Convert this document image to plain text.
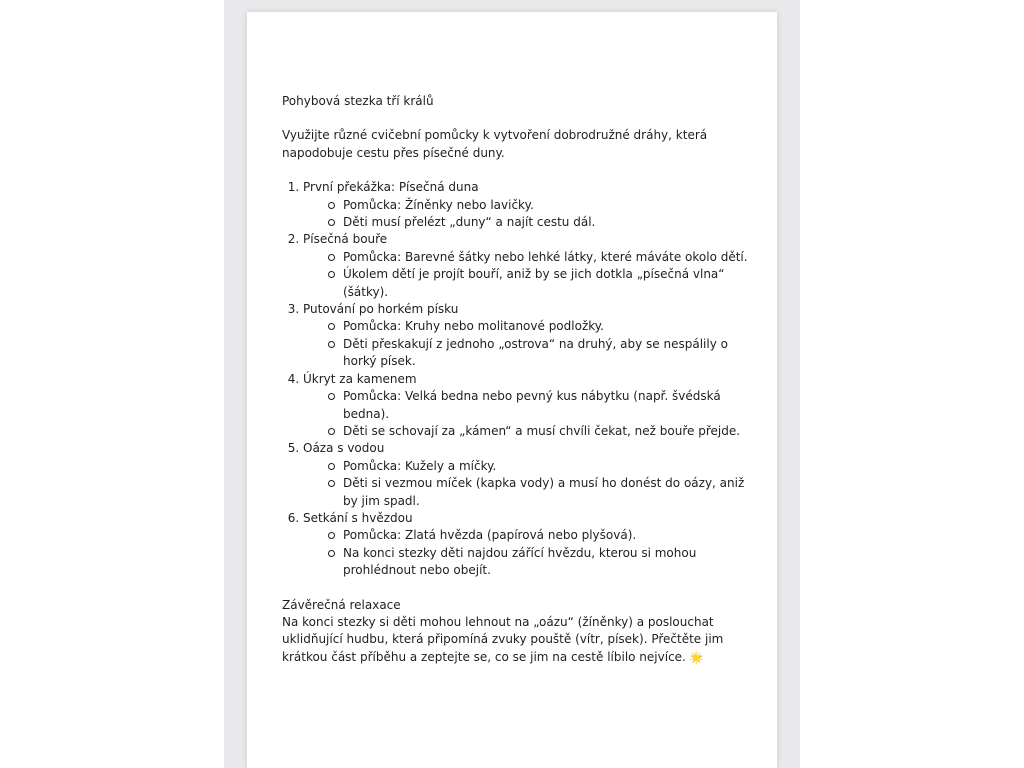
Pohybová stezka tří králů

Využijte různé cvičební pomůcky k vytvoření dobrodružné dráhy, která napodobuje cestu přes písečné duny.

1. První překážka: Písečná duna
Pomůcka: Žíněnky nebo lavičky.
Děti musí přelézt „duny“ a najít cestu dál.
2. Písečná bouře
Pomůcka: Barevné šátky nebo lehké látky, které máváte okolo dětí.
Úkolem dětí je projít bouří, aniž by se jich dotkla „písečná vlna“ (šátky).
3. Putování po horkém písku
Pomůcka: Kruhy nebo molitanové podložky.
Děti přeskakují z jednoho „ostrova“ na druhý, aby se nespálily o horký písek.
4. Úkryt za kamenem
Pomůcka: Velká bedna nebo pevný kus nábytku (např. švédská bedna).
Děti se schovají za „kámen“ a musí chvíli čekat, než bouře přejde.
5. Oáza s vodou
Pomůcka: Kužely a míčky.
Děti si vezmou míček (kapka vody) a musí ho donést do oázy, aniž by jim spadl.
6. Setkání s hvězdou
Pomůcka: Zlatá hvězda (papírová nebo plyšová).
Na konci stezky děti najdou zářící hvězdu, kterou si mohou prohlédnout nebo obejít.

Závěrečná relaxace

Na konci stezky si děti mohou lehnout na „oázu“ (žíněnky) a poslouchat uklidňující hudbu, která připomíná zvuky pouště (vítr, písek). Přečtěte jim krátkou část příběhu a zeptejte se, co se jim na cestě líbilo nejvíce. 🌟
